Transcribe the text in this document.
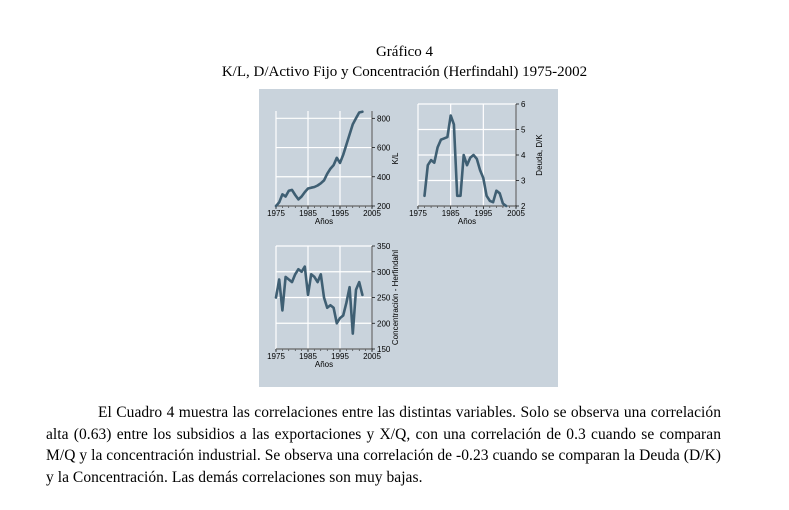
Gráfico 4
K/L, D/Activo Fijo y Concentración (Herfindahl) 1975-2002
1975 1985 1995 2005
200
400
600
800
Años
K/L
1975 1985 1995 2005
2
3
4
5
6
Años
Deuda, D/K
1975 1985 1995 2005
150
200
250
300
350
Años
Concentración - Herfindahl
El Cuadro 4 muestra las correlaciones entre las distintas variables. Solo se observa una correlación alta (0.63) entre los subsidios a las exportaciones y X/Q, con una correlación de 0.3 cuando se comparan M/Q y la concentración industrial. Se observa una correlación de -0.23 cuando se comparan la Deuda (D/K) y la Concentración. Las demás correlaciones son muy bajas.
